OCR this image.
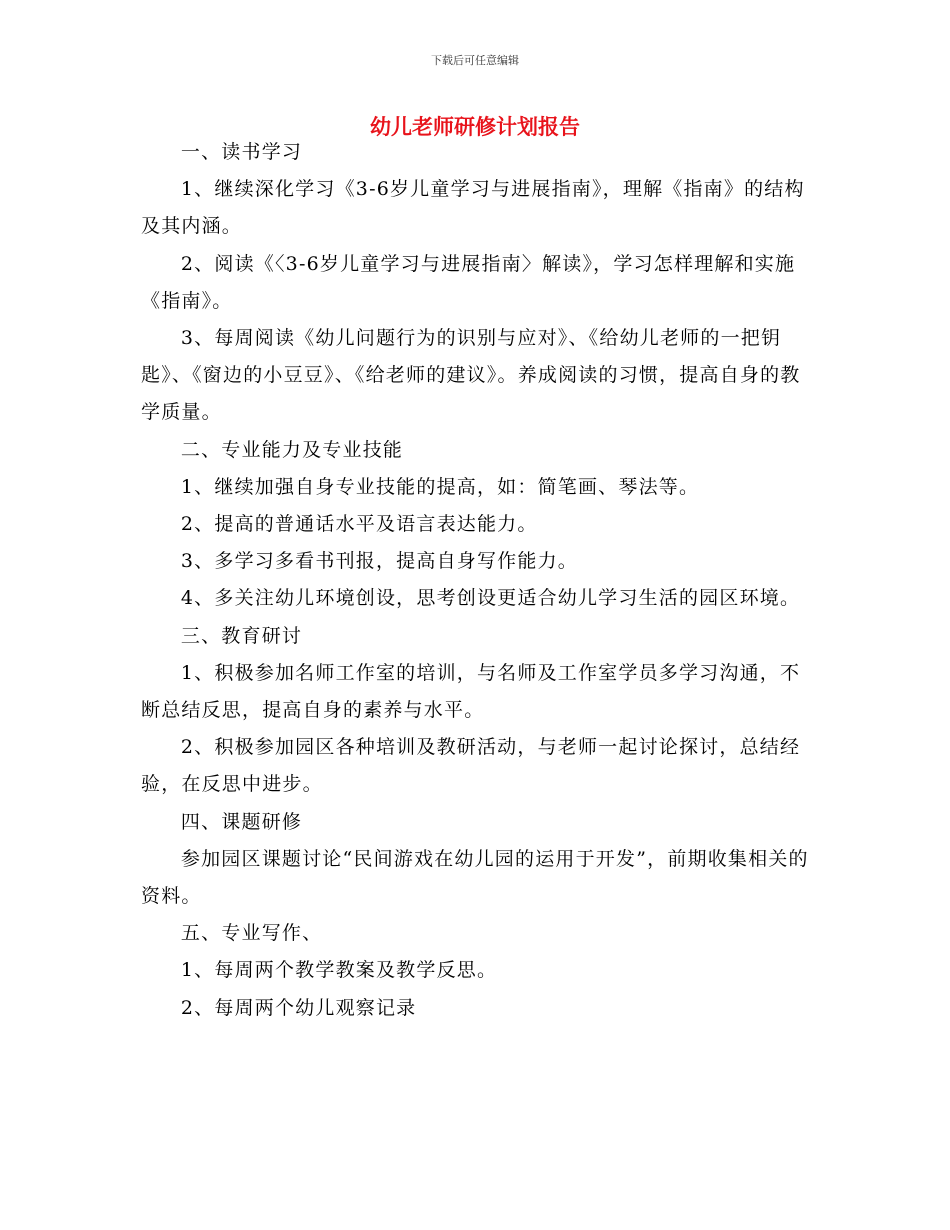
下载后可任意编辑
幼儿老师研修计划报告

一、读书学习

1、继续深化学习《3-6岁儿童学习与进展指南》，理解《指南》的结构及其内涵。

2、阅读《〈3-6岁儿童学习与进展指南〉解读》，学习怎样理解和实施《指南》。

3、每周阅读《幼儿问题行为的识别与应对》、《给幼儿老师的一把钥匙》、《窗边的小豆豆》、《给老师的建议》。养成阅读的习惯，提高自身的教学质量。

二、专业能力及专业技能

1、继续加强自身专业技能的提高，如：简笔画、琴法等。

2、提高的普通话水平及语言表达能力。

3、多学习多看书刊报，提高自身写作能力。

4、多关注幼儿环境创设，思考创设更适合幼儿学习生活的园区环境。

三、教育研讨

1、积极参加名师工作室的培训，与名师及工作室学员多学习沟通，不断总结反思，提高自身的素养与水平。

2、积极参加园区各种培训及教研活动，与老师一起讨论探讨，总结经验，在反思中进步。

四、课题研修

参加园区课题讨论“民间游戏在幼儿园的运用于开发”，前期收集相关的资料。

五、专业写作、

1、每周两个教学教案及教学反思。

2、每周两个幼儿观察记录
